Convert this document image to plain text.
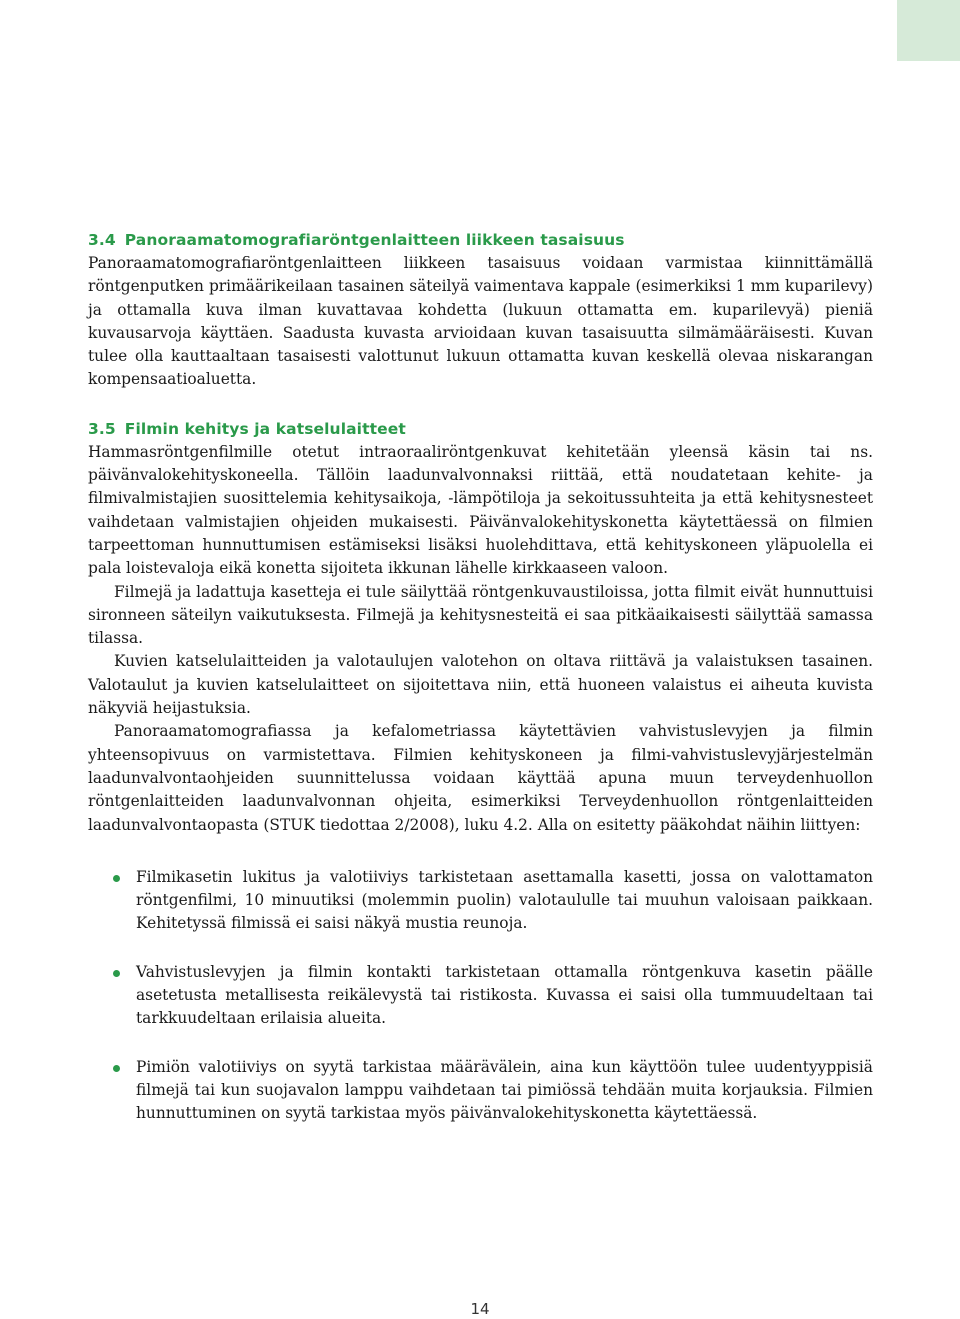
3.4 Panoraamatomografiaröntgenlaitteen liikkeen tasaisuus

Panoraamatomografiaröntgenlaitteen liikkeen tasaisuus voidaan varmistaa kiinnittämällä röntgenputken primäärikeilaan tasainen säteilyä vaimentava kappale (esimerkiksi 1 mm kuparilevy) ja ottamalla kuva ilman kuvattavaa kohdetta (lukuun ottamatta em. kuparilevyä) pieniä kuvausarvoja käyttäen. Saadusta kuvasta arvioidaan kuvan tasaisuutta silmämääräisesti. Kuvan tulee olla kauttaaltaan tasaisesti valottunut lukuun ottamatta kuvan keskellä olevaa niskarangan kompensaatioaluetta.

3.5 Filmin kehitys ja katselulaitteet

Hammasröntgenfilmille otetut intraoraaliröntgenkuvat kehitetään yleensä käsin tai ns. päivänvalokehityskoneella. Tällöin laadunvalvonnaksi riittää, että noudatetaan kehite- ja filmivalmistajien suosittelemia kehitysaikoja, -lämpötiloja ja sekoitussuhteita ja että kehitysnesteet vaihdetaan valmistajien ohjeiden mukaisesti. Päivänvalokehityskonetta käytettäessä on filmien tarpeettoman hunnuttumisen estämiseksi lisäksi huolehdittava, että kehityskoneen yläpuolella ei pala loistevaloja eikä konetta sijoiteta ikkunan lähelle kirkkaaseen valoon.

Filmejä ja ladattuja kasetteja ei tule säilyttää röntgenkuvaustiloissa, jotta filmit eivät hunnuttuisi sironneen säteilyn vaikutuksesta. Filmejä ja kehitysnesteitä ei saa pitkäaikaisesti säilyttää samassa tilassa.

Kuvien katselulaitteiden ja valotaulujen valotehon on oltava riittävä ja valaistuksen tasainen. Valotaulut ja kuvien katselulaitteet on sijoitettava niin, että huoneen valaistus ei aiheuta kuvista näkyviä heijastuksia.

Panoraamatomografiassa ja kefalometriassa käytettävien vahvistuslevyjen ja filmin yhteensopivuus on varmistettava. Filmien kehityskoneen ja filmi-vahvistuslevyjärjestelmän laadunvalvontaohjeiden suunnittelussa voidaan käyttää apuna muun terveydenhuollon röntgenlaitteiden laadunvalvonnan ohjeita, esimerkiksi Terveydenhuollon röntgenlaitteiden laadunvalvontaopasta (STUK tiedottaa 2/2008), luku 4.2. Alla on esitetty pääkohdat näihin liittyen:

Filmikasetin lukitus ja valotiiviys tarkistetaan asettamalla kasetti, jossa on valottamaton röntgenfilmi, 10 minuutiksi (molemmin puolin) valotaululle tai muuhun valoisaan paikkaan. Kehitetyssä filmissä ei saisi näkyä mustia reunoja.
Vahvistuslevyjen ja filmin kontakti tarkistetaan ottamalla röntgenkuva kasetin päälle asetetusta metallisesta reikälevystä tai ristikosta. Kuvassa ei saisi olla tummuudeltaan tai tarkkuudeltaan erilaisia alueita.
Pimiön valotiiviys on syytä tarkistaa määrävälein, aina kun käyttöön tulee uudentyyppisiä filmejä tai kun suojavalon lamppu vaihdetaan tai pimiössä tehdään muita korjauksia. Filmien hunnuttuminen on syytä tarkistaa myös päivänvalokehityskonetta käytettäessä.
14
